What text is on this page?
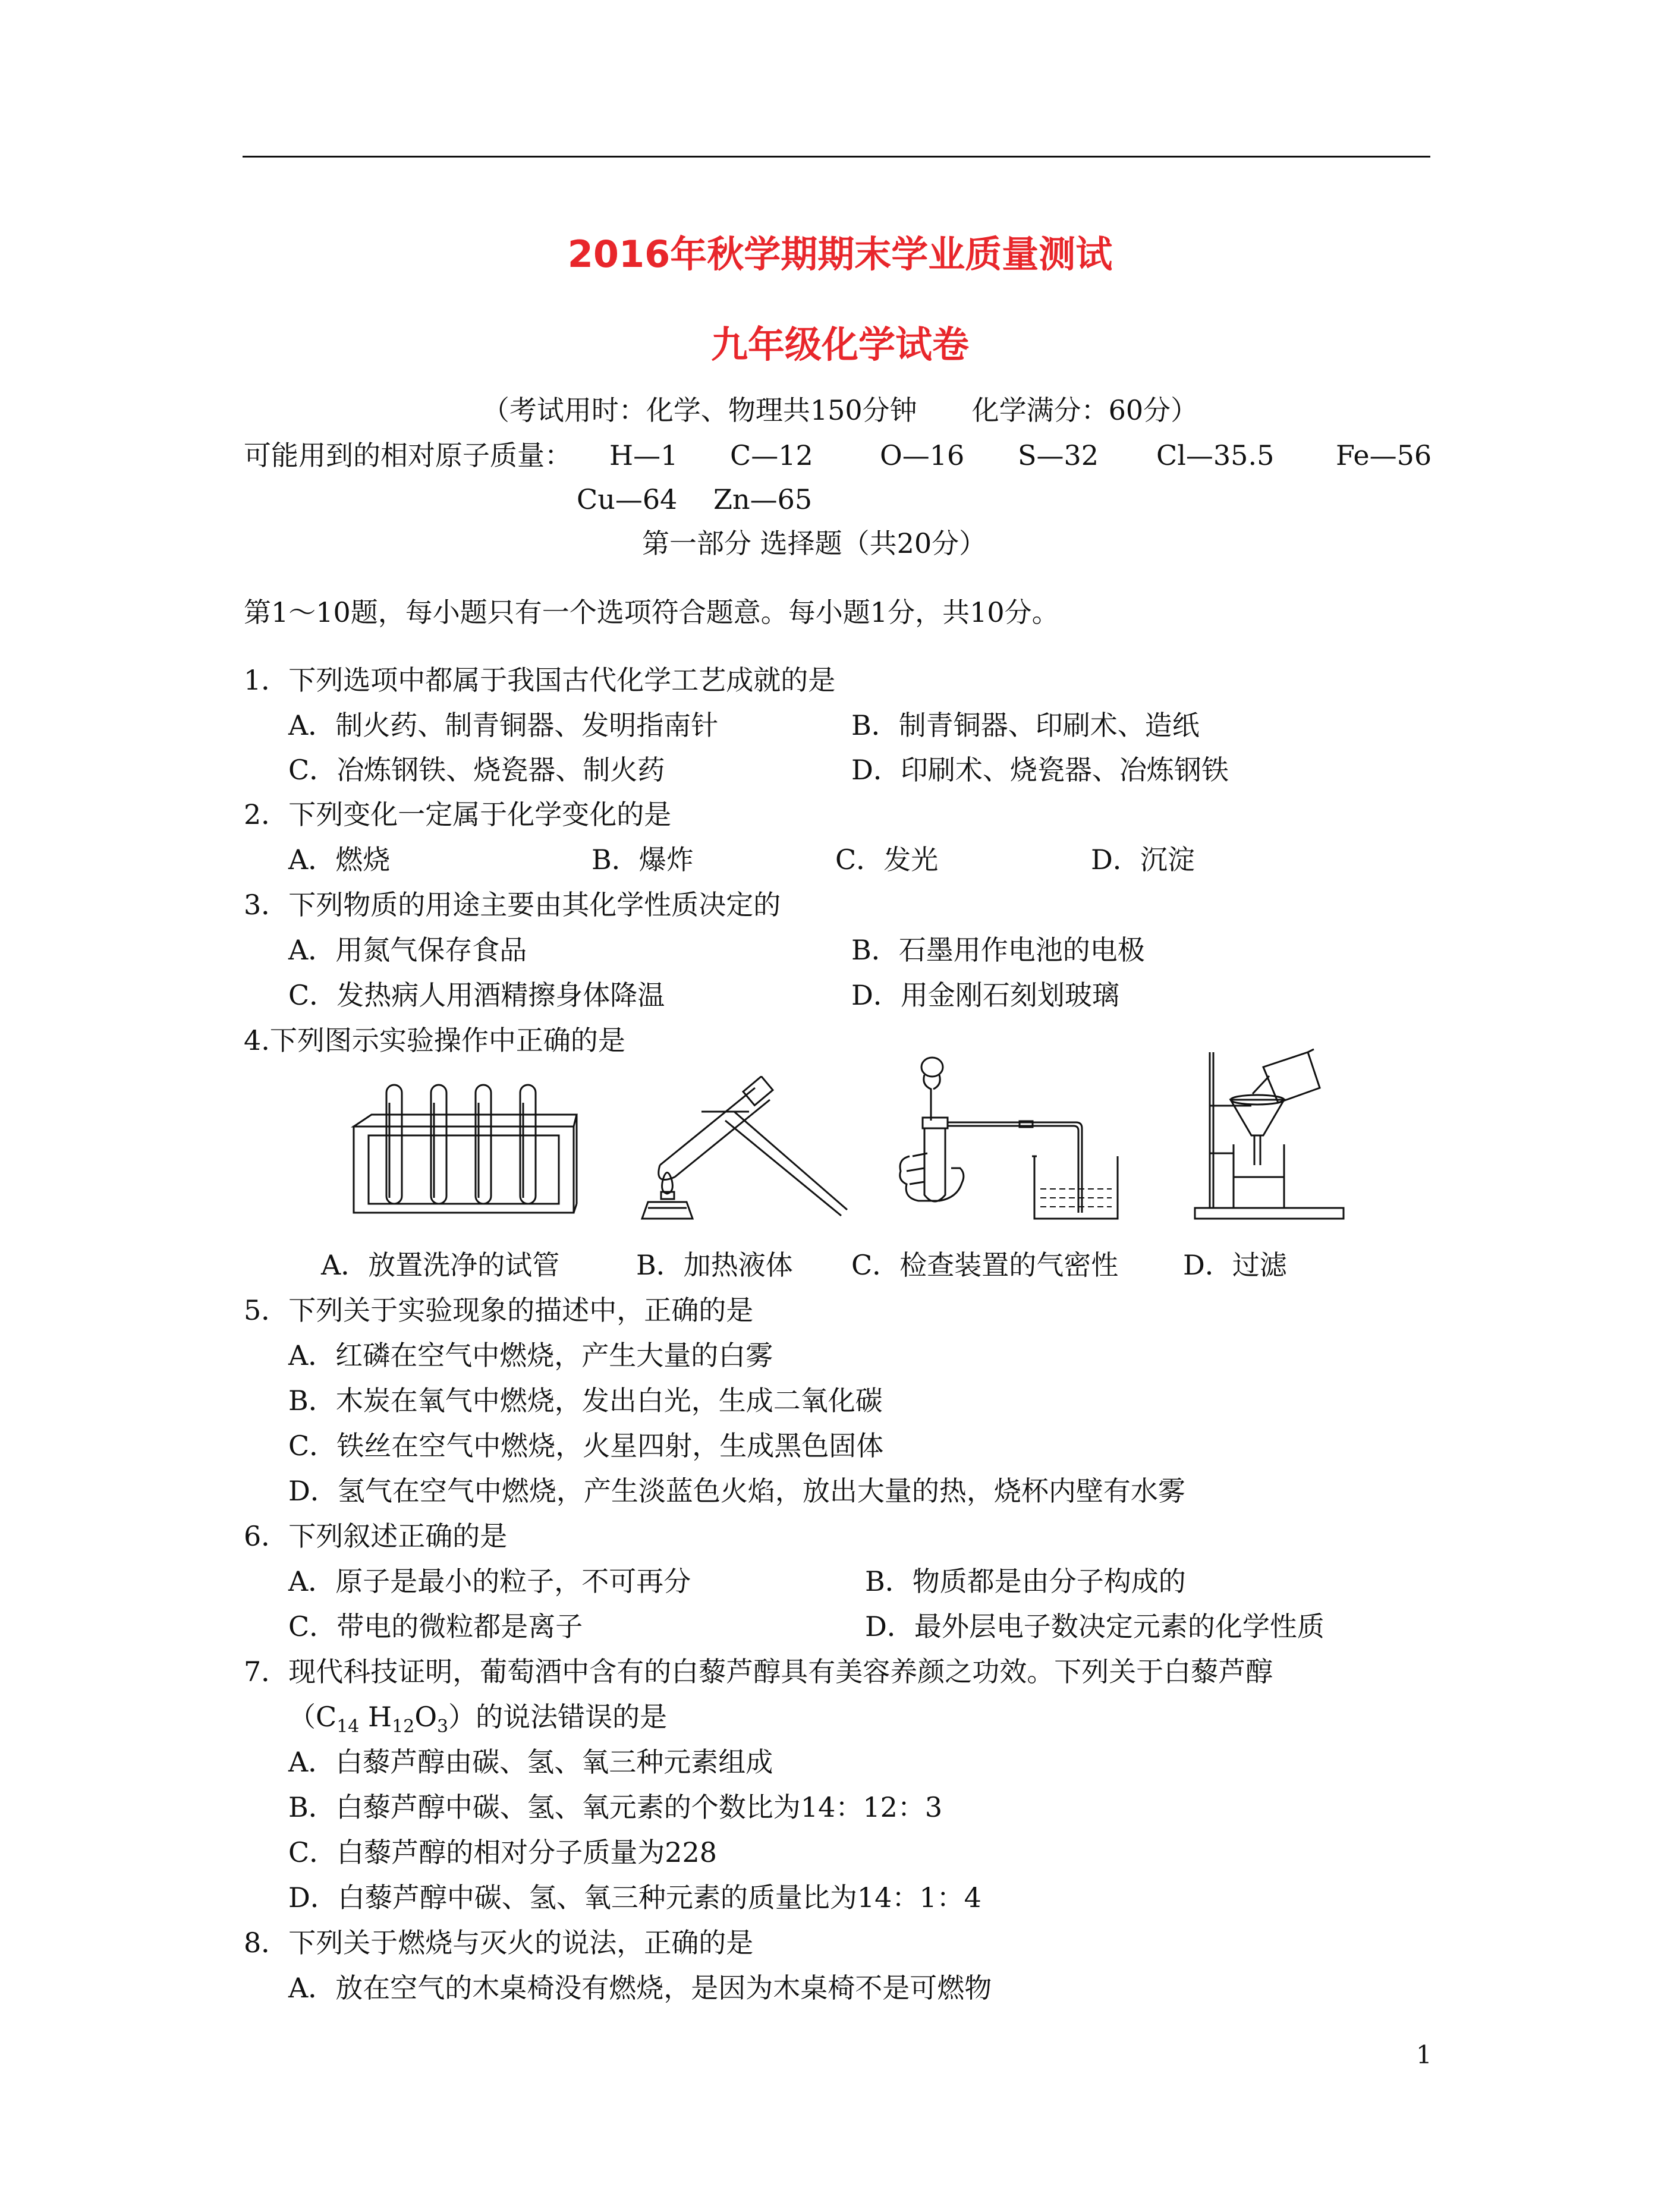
2016年秋学期期末学业质量测试
九年级化学试卷
（考试用时：化学、物理共150分钟　　化学满分：60分）
可能用到的相对原子质量： H—1 C—12 O—16 S—32 Cl—35.5 Fe—56
Cu—64 Zn—65
第一部分 选择题（共20分）
第1～10题，每小题只有一个选项符合题意。每小题1分，共10分。
1．下列选项中都属于我国古代化学工艺成就的是
A．制火药、制青铜器、发明指南针	B．制青铜器、印刷术、造纸
C．冶炼钢铁、烧瓷器、制火药	D．印刷术、烧瓷器、冶炼钢铁
2．下列变化一定属于化学变化的是
A．燃烧	B．爆炸	C．发光	D．沉淀
3．下列物质的用途主要由其化学性质决定的
A．用氮气保存食品	B．石墨用作电池的电极
C．发热病人用酒精擦身体降温	D．用金刚石刻划玻璃
4.下列图示实验操作中正确的是
A．放置洗净的试管	B．加热液体 C．检查装置的气密性 D．过滤
5．下列关于实验现象的描述中，正确的是
A．红磷在空气中燃烧，产生大量的白雾
B．木炭在氧气中燃烧，发出白光，生成二氧化碳
C．铁丝在空气中燃烧，火星四射，生成黑色固体
D．氢气在空气中燃烧，产生淡蓝色火焰，放出大量的热，烧杯内壁有水雾
6．下列叙述正确的是
A．原子是最小的粒子，不可再分	B．物质都是由分子构成的
C．带电的微粒都是离子	D．最外层电子数决定元素的化学性质
7．现代科技证明，葡萄酒中含有的白藜芦醇具有美容养颜之功效。下列关于白藜芦醇
（$C_{14}$ $H_{12}O_3$）的说法错误的是
A．白藜芦醇由碳、氢、氧三种元素组成
B．白藜芦醇中碳、氢、氧元素的个数比为14：12：3
C．白藜芦醇的相对分子质量为228
D．白藜芦醇中碳、氢、氧三种元素的质量比为14：1：4
8．下列关于燃烧与灭火的说法，正确的是
A．放在空气的木桌椅没有燃烧，是因为木桌椅不是可燃物
1
